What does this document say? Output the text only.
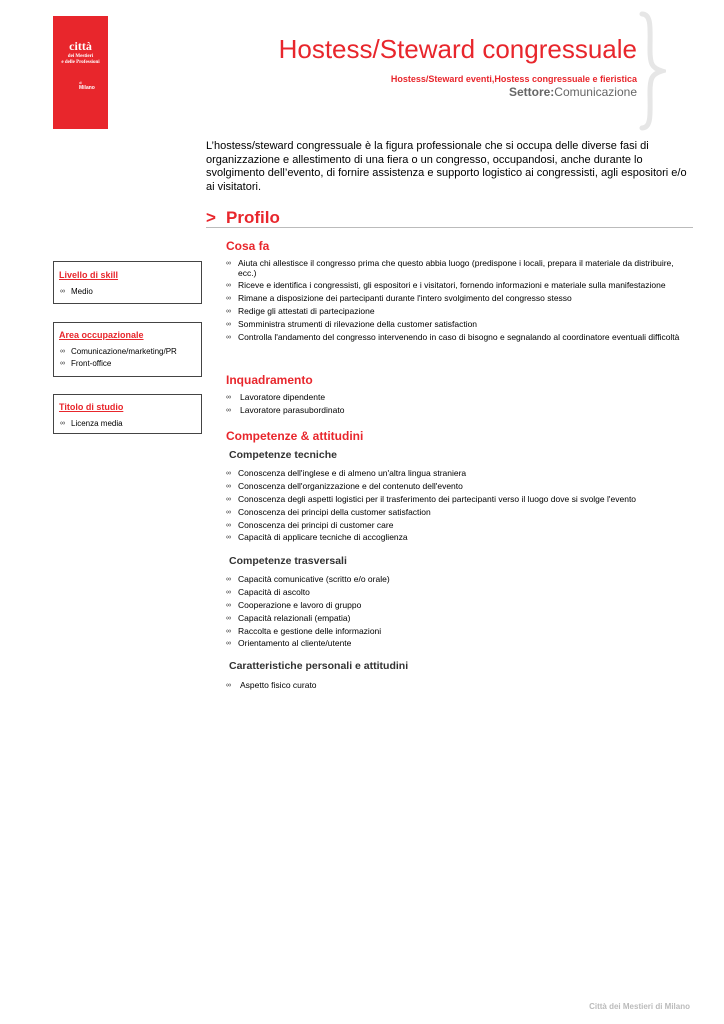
città
dei Mestieri
e delle Professioni
di
Milano
Hostess/Steward congressuale
Hostess/Steward eventi,Hostess congressuale e fieristica
Settore:Comunicazione
L’hostess/steward congressuale è la figura professionale che si occupa delle diverse fasi di organizzazione e allestimento di una fiera o un congresso, occupandosi, anche durante lo svolgimento dell’evento, di fornire assistenza e supporto logistico ai congressisti, agli espositori e/o ai visitatori.
> Profilo
Cosa fa
∞ Aiuta chi allestisce il congresso prima che questo abbia luogo (predispone i locali, prepara il materiale da distribuire, ecc.)
∞ Riceve e identifica i congressisti, gli espositori e i visitatori, fornendo informazioni e materiale sulla manifestazione
∞ Rimane a disposizione dei partecipanti durante l'intero svolgimento del congresso stesso
∞ Redige gli attestati di partecipazione
∞ Somministra strumenti di rilevazione della customer satisfaction
∞ Controlla l'andamento del congresso intervenendo in caso di bisogno e segnalando al coordinatore eventuali difficoltà
Inquadramento
∞ Lavoratore dipendente
∞ Lavoratore parasubordinato
Competenze & attitudini
Competenze tecniche
∞ Conoscenza dell'inglese e di almeno un'altra lingua straniera
∞ Conoscenza dell'organizzazione e del contenuto dell'evento
∞ Conoscenza degli aspetti logistici per il trasferimento dei partecipanti verso il luogo dove si svolge l'evento
∞ Conoscenza dei principi della customer satisfaction
∞ Conoscenza dei principi di customer care
∞ Capacità di applicare tecniche di accoglienza
Competenze trasversali
∞ Capacità comunicative (scritto e/o orale)
∞ Capacità di ascolto
∞ Cooperazione e lavoro di gruppo
∞ Capacità relazionali (empatia)
∞ Raccolta e gestione delle informazioni
∞ Orientamento al cliente/utente
Caratteristiche personali e attitudini
∞ Aspetto fisico curato
Livello di skill
∞ Medio
Area occupazionale
∞ Comunicazione/marketing/PR
∞ Front-office
Titolo di studio
∞ Licenza media
Città dei Mestieri di Milano
